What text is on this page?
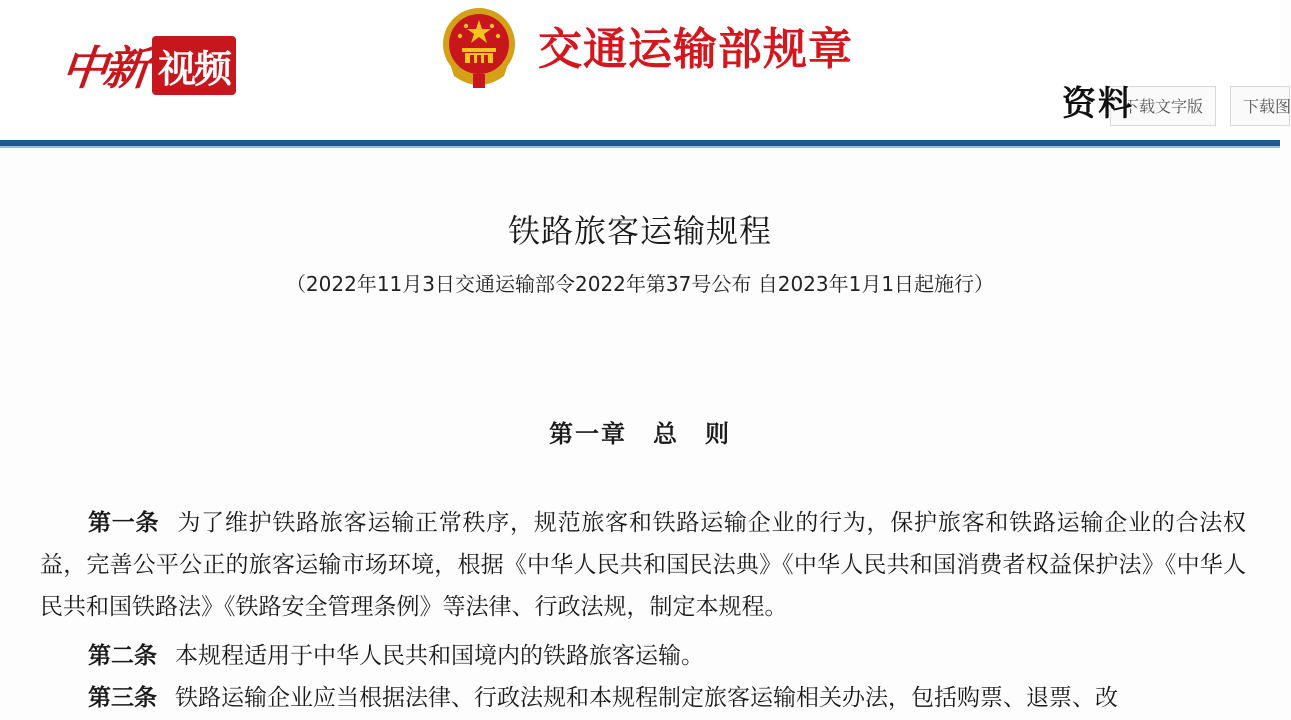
中新 视频	交通运输部规章
下载文字版	下载图
资料
铁路旅客运输规程
（2022年11月3日交通运输部令2022年第37号公布 自2023年1月1日起施行）
第一章　总　则
第一条 为了维护铁路旅客运输正常秩序，规范旅客和铁路运输企业的行为，保护旅客和铁路运输企业的合法权益，完善公平公正的旅客运输市场环境，根据《中华人民共和国民法典》《中华人民共和国消费者权益保护法》《中华人民共和国铁路法》《铁路安全管理条例》等法律、行政法规，制定本规程。
第二条 本规程适用于中华人民共和国境内的铁路旅客运输。
第三条 铁路运输企业应当根据法律、行政法规和本规程制定旅客运输相关办法，包括购票、退票、改
